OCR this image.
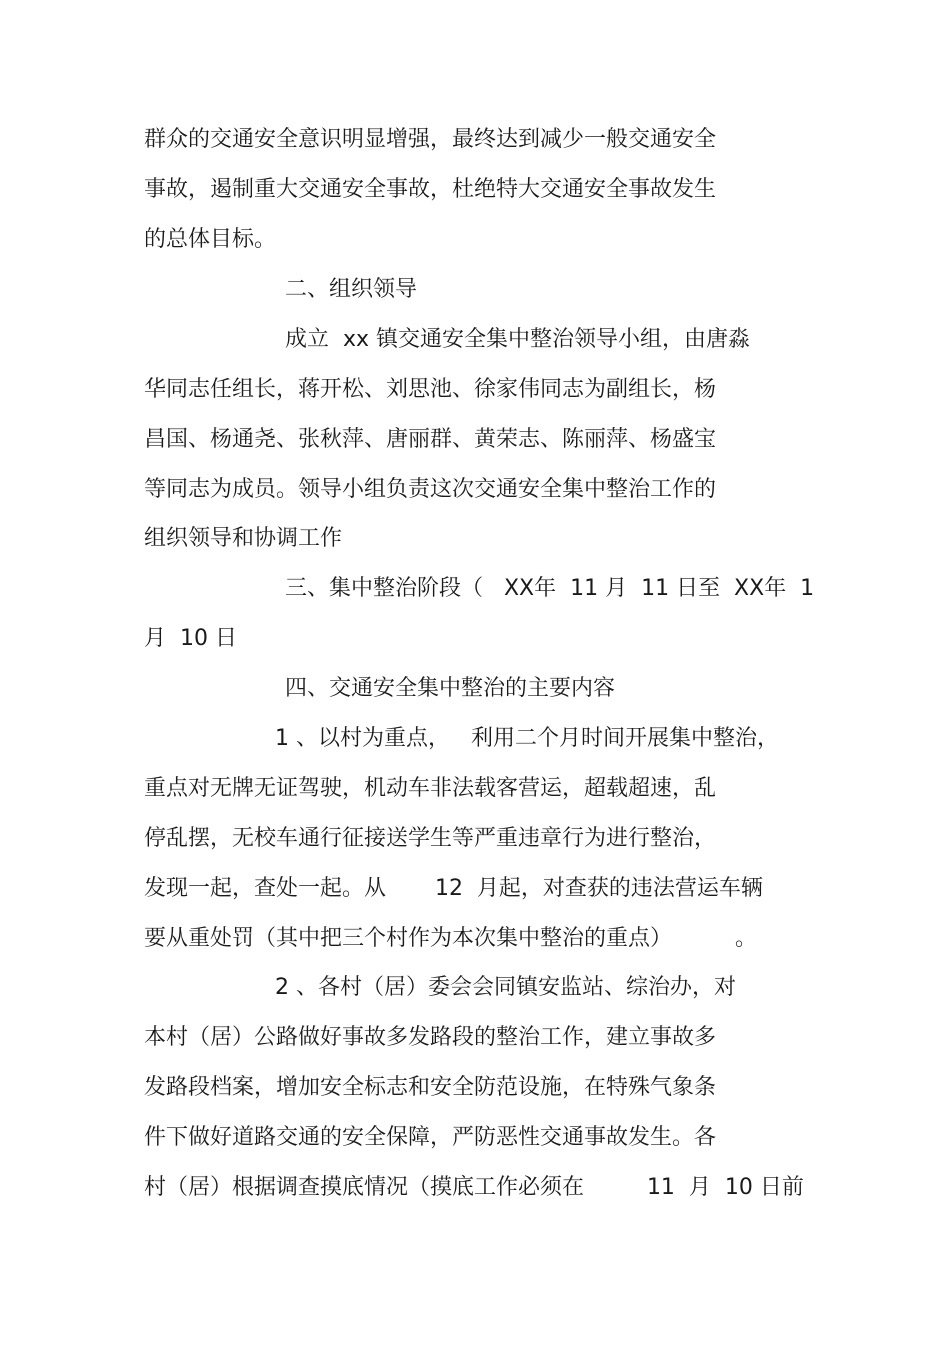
群众的交通安全意识明显增强，最终达到减少一般交通安全
事故，遏制重大交通安全事故，杜绝特大交通安全事故发生
的总体目标。
二、组织领导
成立  xx 镇交通安全集中整治领导小组，由唐淼
华同志任组长，蒋开松、刘思池、徐家伟同志为副组长，杨
昌国、杨通尧、张秋萍、唐丽群、黄荣志、陈丽萍、杨盛宝
等同志为成员。领导小组负责这次交通安全集中整治工作的
组织领导和协调工作
三、集中整治阶段（   XX年  11 月  11 日至  XX年  1
月  10 日
四、交通安全集中整治的主要内容
1 、以村为重点，   利用二个月时间开展集中整治，
重点对无牌无证驾驶，机动车非法载客营运，超载超速，乱
停乱摆，无校车通行征接送学生等严重违章行为进行整治，
发现一起，查处一起。从       12  月起，对查获的违法营运车辆
要从重处罚（其中把三个村作为本次集中整治的重点）         。
2 、各村（居）委会会同镇安监站、综治办，对
本村（居）公路做好事故多发路段的整治工作，建立事故多
发路段档案，增加安全标志和安全防范设施，在特殊气象条
件下做好道路交通的安全保障，严防恶性交通事故发生。各
村（居）根据调查摸底情况（摸底工作必须在         11  月  10 日前
